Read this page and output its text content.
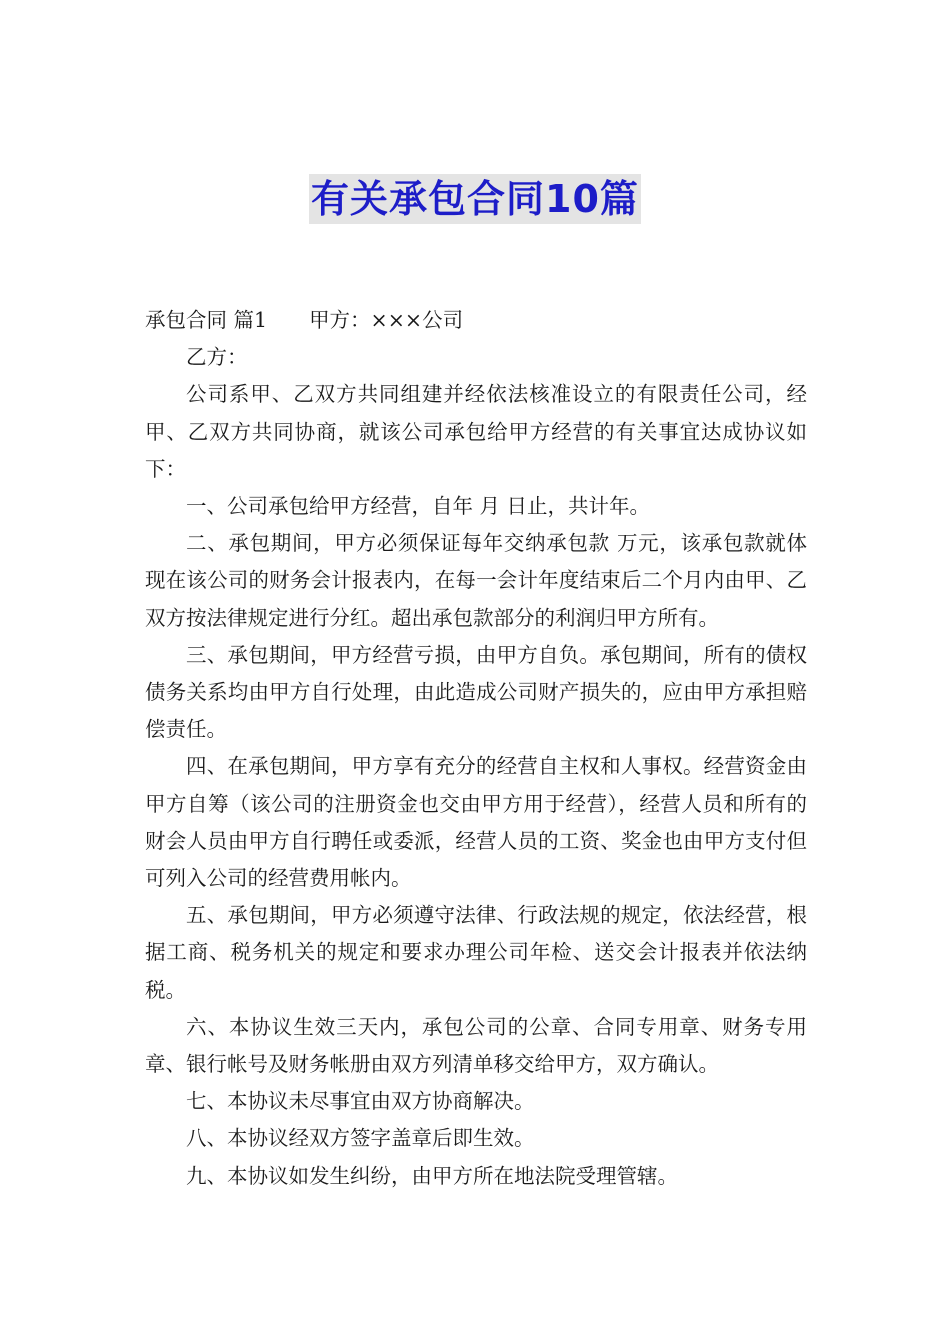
有关承包合同10篇

承包合同 篇1 甲方：×××公司

乙方：

公司系甲、乙双方共同组建并经依法核准设立的有限责任公司，经甲、乙双方共同协商，就该公司承包给甲方经营的有关事宜达成协议如下：

一、公司承包给甲方经营，自年 月 日止，共计年。

二、承包期间，甲方必须保证每年交纳承包款 万元，该承包款就体现在该公司的财务会计报表内，在每一会计年度结束后二个月内由甲、乙双方按法律规定进行分红。超出承包款部分的利润归甲方所有。

三、承包期间，甲方经营亏损，由甲方自负。承包期间，所有的债权债务关系均由甲方自行处理，由此造成公司财产损失的，应由甲方承担赔偿责任。

四、在承包期间，甲方享有充分的经营自主权和人事权。经营资金由甲方自筹（该公司的注册资金也交由甲方用于经营），经营人员和所有的财会人员由甲方自行聘任或委派，经营人员的工资、奖金也由甲方支付但可列入公司的经营费用帐内。

五、承包期间，甲方必须遵守法律、行政法规的规定，依法经营，根据工商、税务机关的规定和要求办理公司年检、送交会计报表并依法纳税。

六、本协议生效三天内，承包公司的公章、合同专用章、财务专用章、银行帐号及财务帐册由双方列清单移交给甲方，双方确认。

七、本协议未尽事宜由双方协商解决。

八、本协议经双方签字盖章后即生效。

九、本协议如发生纠纷，由甲方所在地法院受理管辖。
